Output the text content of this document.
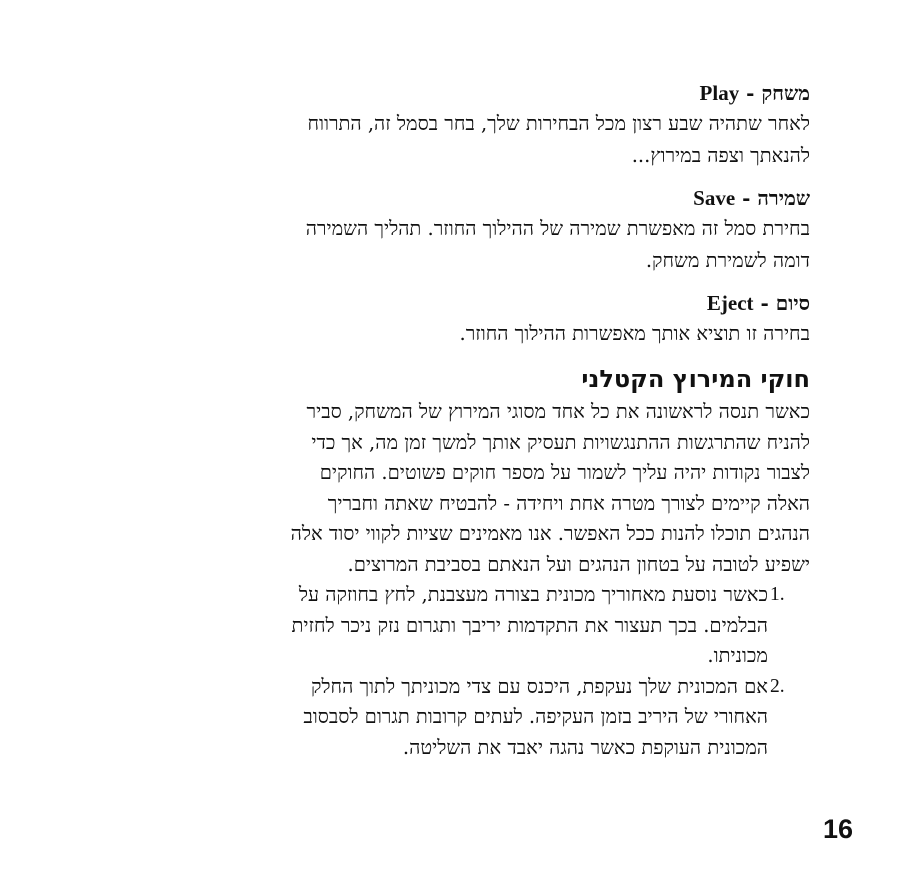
משחק - Play

לאחר שתהיה שבע רצון מכל הבחירות שלך, בחר בסמל זה, התרווח
להנאתך וצפה במירוץ...

שמירה - Save

בחירת סמל זה מאפשרת שמירה של ההילוך החוזר. תהליך השמירה
דומה לשמירת משחק.

סיום - Eject

בחירה זו תוציא אותך מאפשרות ההילוך החוזר.

חוקי המירוץ הקטלני

כאשר תנסה לראשונה את כל אחד מסוגי המירוץ של המשחק, סביר
להניח שהתרגשות ההתנגשויות תעסיק אותך למשך זמן מה, אך כדי
לצבור נקודות יהיה עליך לשמור על מספר חוקים פשוטים. החוקים
האלה קיימים לצורך מטרה אחת ויחידה - להבטיח שאתה וחבריך
הנהגים תוכלו להנות ככל האפשר. אנו מאמינים שציות לקווי יסוד אלה
ישפיע לטובה על בטחון הנהגים ועל הנאתם בסביבת המרוצים.

1.
כאשר נוסעת מאחוריך מכונית בצורה מעצבנת, לחץ בחוזקה על
הבלמים. בכך תעצור את התקדמות יריבך ותגרום נזק ניכר לחזית
מכוניתו.
2.
אם המכונית שלך נעקפת, היכנס עם צדי מכוניתך לתוך החלק
האחורי של היריב בזמן העקיפה. לעתים קרובות תגרום לסבסוב
המכונית העוקפת כאשר נהגה יאבד את השליטה.
16
